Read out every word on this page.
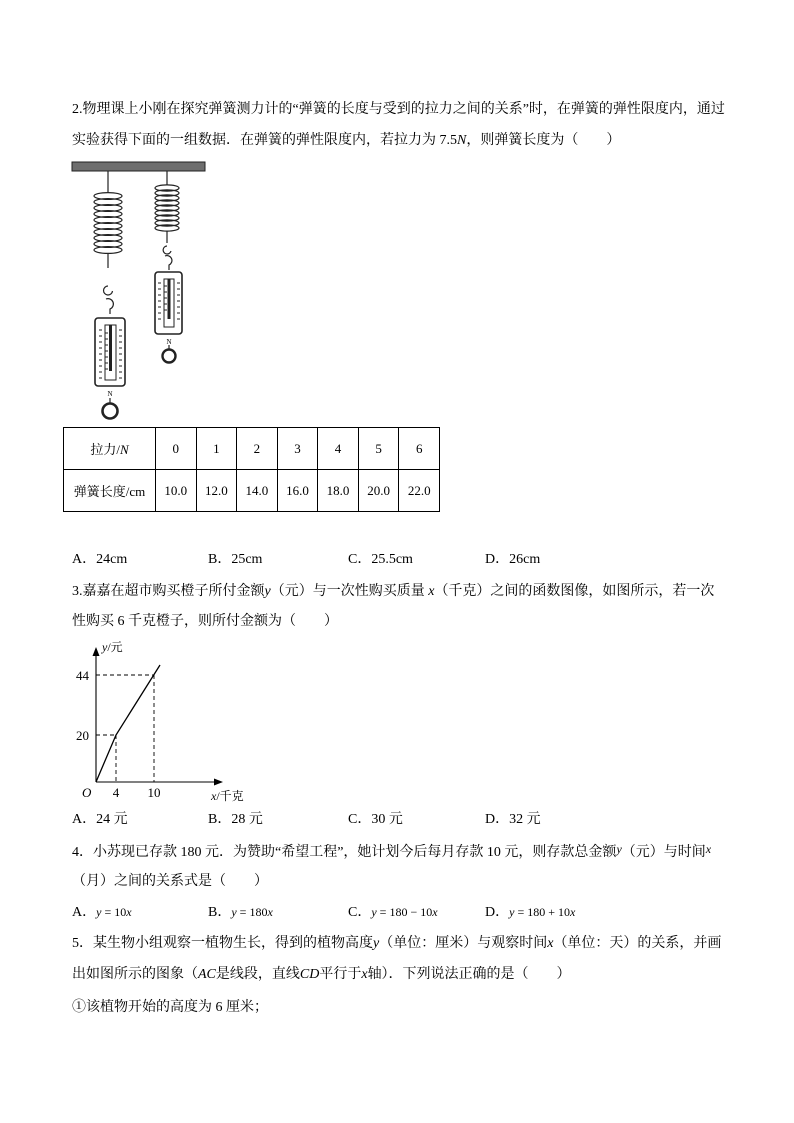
2.物理课上小刚在探究弹簧测力计的“弹簧的长度与受到的拉力之间的关系”时，在弹簧的弹性限度内，通过
实验获得下面的一组数据．在弹簧的弹性限度内，若拉力为 7.5N，则弹簧长度为（　　）
N
N
拉力/N	0	1	2	3	4	5	6
弹簧长度/cm	10.0	12.0	14.0	16.0	18.0	20.0	22.0
A．24cm	B．25cm	C．25.5cm	D．26cm
3.嘉嘉在超市购买橙子所付金额y（元）与一次性购买质量 x（千克）之间的函数图像，如图所示，若一次
性购买 6 千克橙子，则所付金额为（　　）
y/元
44
20
O 4 10	x/千克
A．24 元	B．28 元	C．30 元	D．32 元
4．小苏现已存款 180 元．为赞助“希望工程”，她计划今后每月存款 10 元，则存款总金额y（元）与时间x
（月）之间的关系式是（　　）
A．y = 10x	B．y = 180x	C．y = 180 − 10x	D．y = 180 + 10x
5．某生物小组观察一植物生长，得到的植物高度y（单位：厘米）与观察时间x（单位：天）的关系，并画
出如图所示的图象（AC是线段，直线CD平行于x轴）．下列说法正确的是（　　）
①该植物开始的高度为 6 厘米；
